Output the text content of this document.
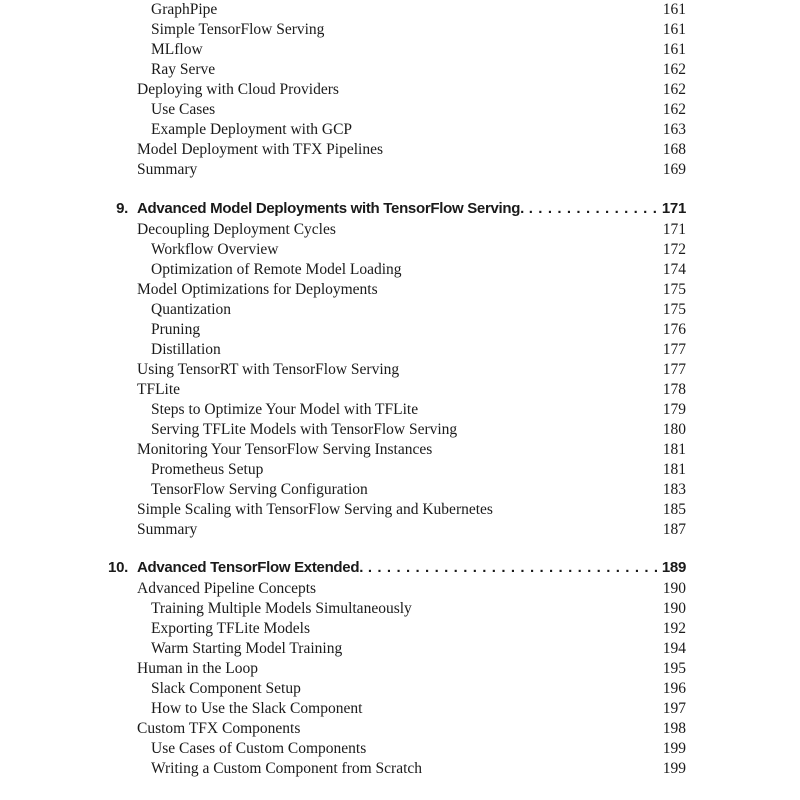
GraphPipe	161
Simple TensorFlow Serving	161
MLflow	161
Ray Serve	162
Deploying with Cloud Providers	162
Use Cases	162
Example Deployment with GCP	163
Model Deployment with TFX Pipelines	168
Summary	169
9. Advanced Model Deployments with TensorFlow Serving. . . .	171
Decoupling Deployment Cycles	171
Workflow Overview	172
Optimization of Remote Model Loading	174
Model Optimizations for Deployments	175
Quantization	175
Pruning	176
Distillation	177
Using TensorRT with TensorFlow Serving	177
TFLite	178
Steps to Optimize Your Model with TFLite	179
Serving TFLite Models with TensorFlow Serving	180
Monitoring Your TensorFlow Serving Instances	181
Prometheus Setup	181
TensorFlow Serving Configuration	183
Simple Scaling with TensorFlow Serving and Kubernetes	185
Summary	187
10. Advanced TensorFlow Extended. . . .	189
Advanced Pipeline Concepts	190
Training Multiple Models Simultaneously	190
Exporting TFLite Models	192
Warm Starting Model Training	194
Human in the Loop	195
Slack Component Setup	196
How to Use the Slack Component	197
Custom TFX Components	198
Use Cases of Custom Components	199
Writing a Custom Component from Scratch	199
